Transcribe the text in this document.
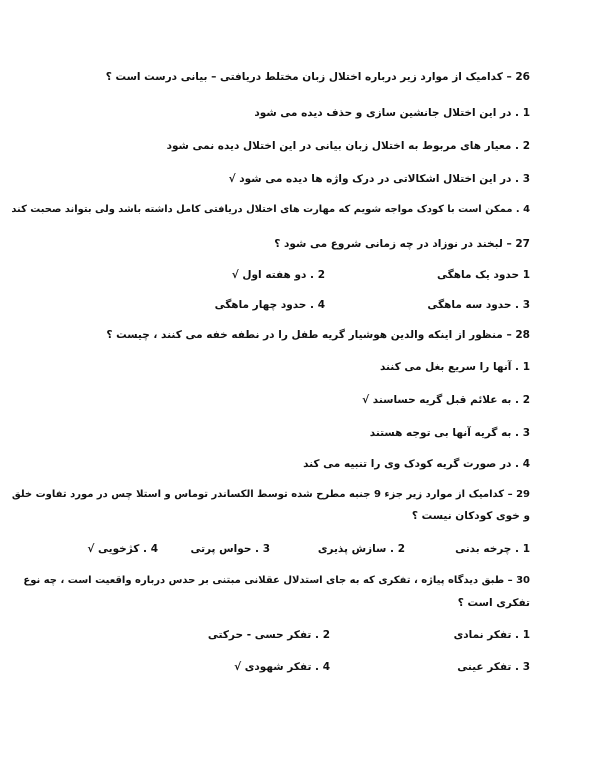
26 – کدامیک از موارد زیر درباره اختلال زبان مختلط دریافتی – بیانی درست است ؟
1 . در این اختلال جانشین سازی و حذف دیده می شود
2 . معیار های مربوط به اختلال زبان بیانی در این اختلال دیده نمی شود
3 . در این اختلال اشکالاتی در درک واژه ها دیده می شود √
4 . ممکن است با کودک مواجه شویم که مهارت های اختلال دریافتی کامل داشته باشد ولی بتواند صحبت کند
27 – لبخند در نوزاد در چه زمانی شروع می شود ؟
1 حدود یک ماهگی
2 . دو هفته اول √
3 . حدود سه ماهگی
4 . حدود چهار ماهگی
28 – منظور از اینکه والدین هوشیار گریه طفل را در نطفه خفه می کنند ، چیست ؟
1 . آنها را سریع بغل می کنند
2 . به علائم قبل گریه حساسند √
3 . به گریه آنها بی توجه هستند
4 . در صورت گریه کودک وی را تنبیه می کند
29 – کدامیک از موارد زیر جزء 9 جنبه مطرح شده توسط الکساندر توماس و استلا چس در مورد تفاوت خلق
و خوی کودکان نیست ؟
1 . چرخه بدنی
2 . سازش پذیری
3 . حواس پرتی
4 . کژخویی √
30 – طبق دیدگاه پیاژه ، تفکری که به جای استدلال عقلانی مبتنی بر حدس درباره واقعیت است ، چه نوع
تفکری است ؟
1 . تفکر نمادی
2 . تفکر حسی - حرکتی
3 . تفکر عینی
4 . تفکر شهودی √
